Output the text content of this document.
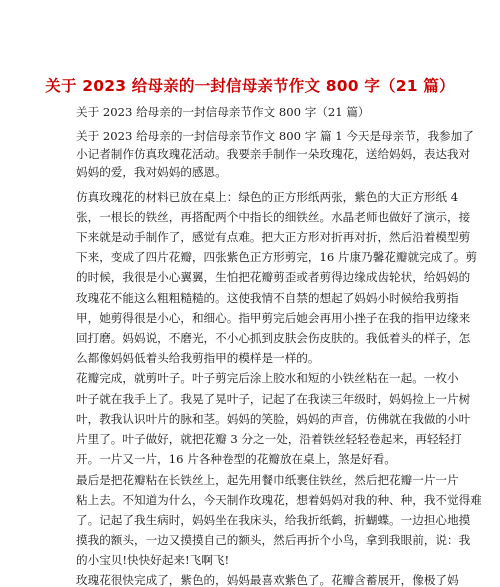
关于 2023 给母亲的一封信母亲节作文 800 字（21 篇）
关于 2023 给母亲的一封信母亲节作文 800 字（21 篇）
关于 2023 给母亲的一封信母亲节作文 800 字 篇 1 今天是母亲节，我参加了
小记者制作仿真玫瑰花活动。我要亲手制作一朵玫瑰花，送给妈妈，表达我对
妈妈的爱，我对妈妈的感恩。
仿真玫瑰花的材料已放在桌上：绿色的正方形纸两张，紫色的大正方形纸 4
张，一根长的铁丝，再搭配两个中指长的细铁丝。水晶老师也做好了演示，接
下来就是动手制作了，感觉有点难。把大正方形对折再对折，然后沿着模型剪
下来，变成了四片花瓣，四张紫色正方形剪完，16 片康乃馨花瓣就完成了。剪
的时候，我很是小心翼翼，生怕把花瓣剪歪或者剪得边缘成齿轮状，给妈妈的
玫瑰花不能这么粗粗糙糙的。这使我情不自禁的想起了妈妈小时候给我剪指
甲，她剪得很是小心，和细心。指甲剪完后她会再用小挫子在我的指甲边缘来
回打磨。妈妈说，不磨光，不小心抓到皮肤会伤皮肤的。我低着头的样子，怎
么都像妈妈低着头给我剪指甲的模样是一样的。
花瓣完成，就剪叶子。叶子剪完后涂上胶水和短的小铁丝粘在一起。一枚小
叶子就在我手上了。我晃了晃叶子，记起了在我读三年级时，妈妈捡上一片树
叶，教我认识叶片的脉和茎。妈妈的笑脸，妈妈的声音，仿佛就在我做的小叶
片里了。叶子做好，就把花瓣 3 分之一处，沿着铁丝轻轻卷起来，再轻轻打
开。一片又一片，16 片各种卷型的花瓣放在桌上，煞是好看。
最后是把花瓣粘在长铁丝上，起先用餐巾纸裹住铁丝，然后把花瓣一片一片
粘上去。不知道为什么，今天制作玫瑰花，想着妈妈对我的种、种，我不觉得难
了。记起了我生病时，妈妈坐在我床头，给我折纸鹤，折蝴蝶。一边担心地摸
摸我的额头，一边又摸摸自己的额头，然后再折个小鸟，拿到我眼前，说：我
的小宝贝!快快好起来!飞啊飞!
玫瑰花很快完成了，紫色的，妈妈最喜欢紫色了。花瓣含蓄展开，像极了妈
